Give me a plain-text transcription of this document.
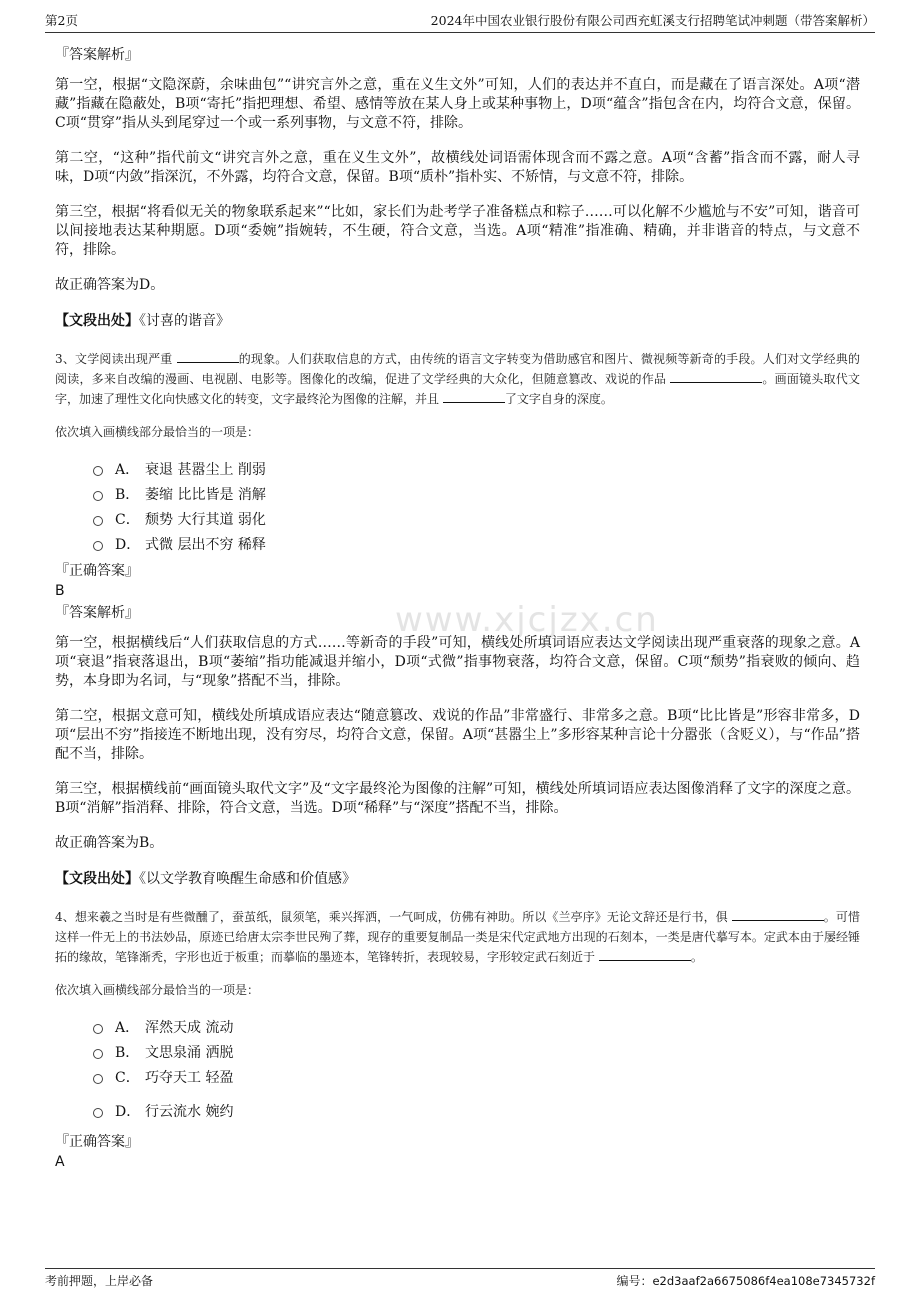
第2页	2024年中国农业银行股份有限公司西充虹溪支行招聘笔试冲刺题（带答案解析）
www.xjcjzx.cn

『答案解析』

第一空，根据“文隐深蔚，余味曲包”“讲究言外之意，重在义生文外”可知，人们的表达并不直白，而是藏在了语言深处。A项“潜藏”指藏在隐蔽处，B项“寄托”指把理想、希望、感情等放在某人身上或某种事物上，D项“蕴含”指包含在内，均符合文意，保留。C项“贯穿”指从头到尾穿过一个或一系列事物，与文意不符，排除。

第二空，“这种”指代前文“讲究言外之意，重在义生文外”，故横线处词语需体现含而不露之意。A项“含蓄”指含而不露，耐人寻味，D项“内敛”指深沉，不外露，均符合文意，保留。B项“质朴”指朴实、不矫情，与文意不符，排除。

第三空，根据“将看似无关的物象联系起来”“比如，家长们为赴考学子准备糕点和粽子……可以化解不少尴尬与不安”可知，谐音可以间接地表达某种期愿。D项“委婉”指婉转，不生硬，符合文意，当选。A项“精准”指准确、精确，并非谐音的特点，与文意不符，排除。

故正确答案为D。

【文段出处】《讨喜的谐音》

3、文学阅读出现严重	的现象。人们获取信息的方式，由传统的语言文字转变为借助感官和图片、微视频等新奇的手段。人们对文学经典的阅读，多来自改编的漫画、电视剧、电影等。图像化的改编，促进了文学经典的大众化，但随意篡改、戏说的作品	。画面镜头取代文字，加速了理性文化向快感文化的转变，文字最终沦为图像的注解，并且	了文字自身的深度。

依次填入画横线部分最恰当的一项是：

A． 衰退 甚嚣尘上 削弱
B． 萎缩 比比皆是 消解
C． 颓势 大行其道 弱化
D． 式微 层出不穷 稀释

『正确答案』

B

『答案解析』

第一空，根据横线后“人们获取信息的方式……等新奇的手段”可知，横线处所填词语应表达文学阅读出现严重衰落的现象之意。A项“衰退”指衰落退出，B项“萎缩”指功能减退并缩小，D项“式微”指事物衰落，均符合文意，保留。C项“颓势”指衰败的倾向、趋势，本身即为名词，与“现象”搭配不当，排除。

第二空，根据文意可知，横线处所填成语应表达“随意篡改、戏说的作品”非常盛行、非常多之意。B项“比比皆是”形容非常多，D项“层出不穷”指接连不断地出现，没有穷尽，均符合文意，保留。A项“甚嚣尘上”多形容某种言论十分嚣张（含贬义），与“作品”搭配不当，排除。

第三空，根据横线前“画面镜头取代文字”及“文字最终沦为图像的注解”可知，横线处所填词语应表达图像消释了文字的深度之意。B项“消解”指消释、排除，符合文意，当选。D项“稀释”与“深度”搭配不当，排除。

故正确答案为B。

【文段出处】《以文学教育唤醒生命感和价值感》

4、想来羲之当时是有些微醺了，蚕茧纸，鼠须笔，乘兴挥洒，一气呵成，仿佛有神助。所以《兰亭序》无论文辞还是行书，俱	。可惜这样一件无上的书法妙品，原迹已给唐太宗李世民殉了葬，现存的重要复制品一类是宋代定武地方出现的石刻本，一类是唐代摹写本。定武本由于屡经锤拓的缘故，笔锋渐秃，字形也近于板重；而摹临的墨迹本，笔锋转折，表现较易，字形较定武石刻近于	。

依次填入画横线部分最恰当的一项是：

A． 浑然天成 流动
B． 文思泉涌 洒脱
C． 巧夺天工 轻盈
D． 行云流水 婉约

『正确答案』

A

考前押题，上岸必备	编号：e2d3aaf2a6675086f4ea108e7345732f
